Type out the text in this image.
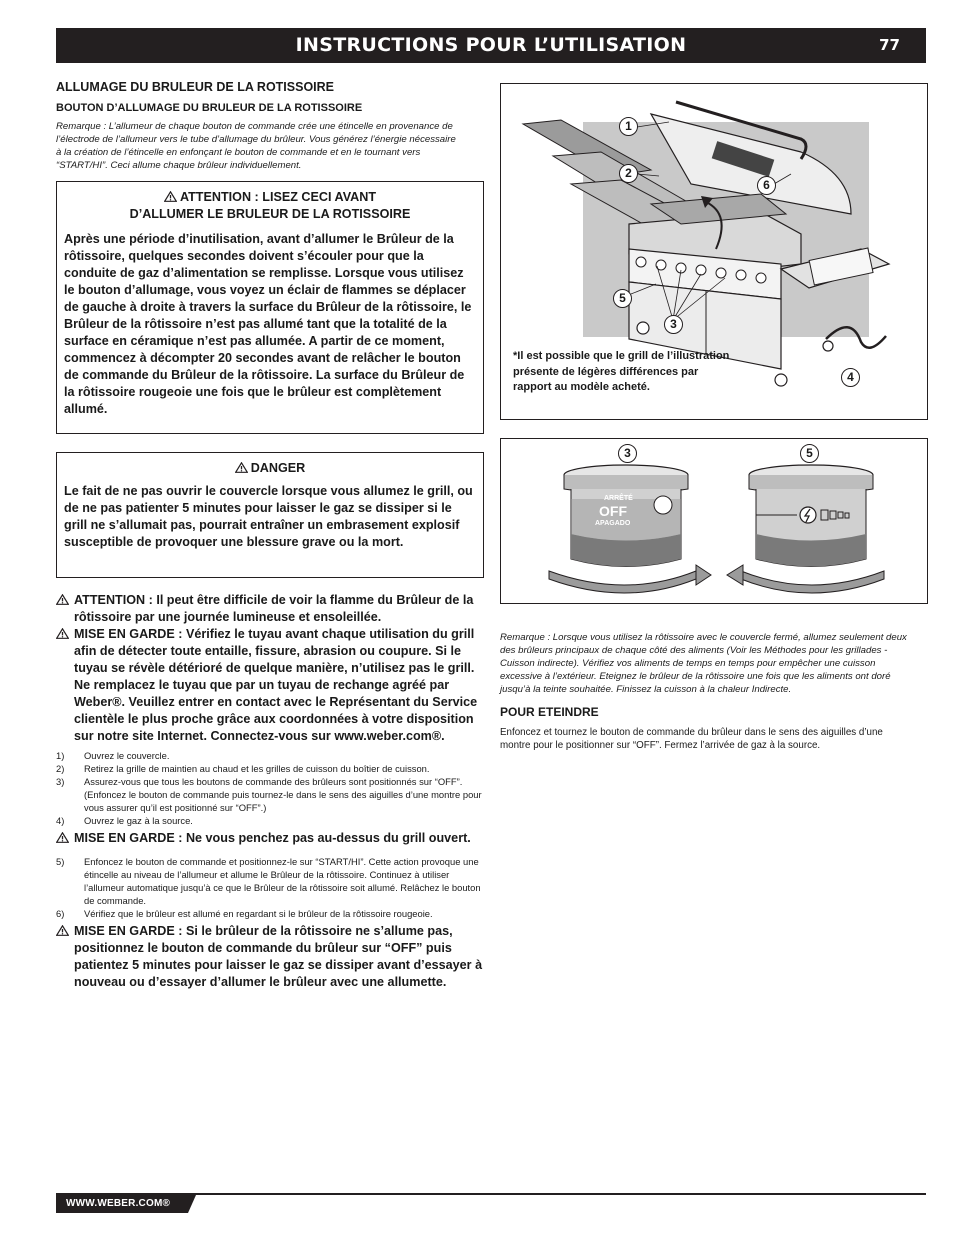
INSTRUCTIONS POUR L’UTILISATION	77
ALLUMAGE DU BRULEUR DE LA ROTISSOIRE
BOUTON D’ALLUMAGE DU BRULEUR DE LA ROTISSOIRE
Remarque : L’allumeur de chaque bouton de commande crée une étincelle en provenance de l’électrode de l’allumeur vers le tube d’allumage du brûleur. Vous générez l’énergie nécessaire à la création de l’étincelle en enfonçant le bouton de commande et en le tournant vers “START/HI”. Ceci allume chaque brûleur individuellement.
ATTENTION : LISEZ CECI AVANT
D’ALLUMER LE BRULEUR DE LA ROTISSOIRE
Après une période d’inutilisation, avant d’allumer le Brûleur de la rôtissoire, quelques secondes doivent s’écouler pour que la conduite de gaz d’alimentation se remplisse. Lorsque vous utilisez le bouton d’allumage, vous voyez un éclair de flammes se déplacer de gauche à droite à travers la surface du Brûleur de la rôtissoire, le Brûleur de la rôtissoire n’est pas allumé tant que la totalité de la surface en céramique n’est pas allumée. A partir de ce moment, commencez à décompter 20 secondes avant de relâcher le bouton de commande du Brûleur de la rôtissoire. La surface du Brûleur de la rôtissoire rougeoie une fois que le brûleur est complètement allumé.
DANGER
Le fait de ne pas ouvrir le couvercle lorsque vous allumez le grill, ou de ne pas patienter 5 minutes pour laisser le gaz se dissiper si le grill ne s’allumait pas, pourrait entraîner un embrasement explosif susceptible de provoquer une blessure grave ou la mort.
ATTENTION : Il peut être difficile de voir la flamme du Brûleur de la rôtissoire par une journée lumineuse et ensoleillée.
MISE EN GARDE : Vérifiez le tuyau avant chaque utilisation du grill afin de détecter toute entaille, fissure, abrasion ou coupure. Si le tuyau se révèle détérioré de quelque manière, n’utilisez pas le grill. Ne remplacez le tuyau que par un tuyau de rechange agréé par Weber®. Veuillez entrer en contact avec le Représentant du Service clientèle le plus proche grâce aux coordonnées à votre disposition sur notre site Internet. Connectez-vous sur www.weber.com®.
1) Ouvrez le couvercle.
2) Retirez la grille de maintien au chaud et les grilles de cuisson du boîtier de cuisson.
3) Assurez-vous que tous les boutons de commande des brûleurs sont positionnés sur “OFF”. (Enfoncez le bouton de commande puis tournez-le dans le sens des aiguilles d’une montre pour vous assurer qu’il est positionné sur “OFF”.)
4) Ouvrez le gaz à la source.
MISE EN GARDE : Ne vous penchez pas au-dessus du grill ouvert.
5) Enfoncez le bouton de commande et positionnez-le sur “START/HI”. Cette action provoque une étincelle au niveau de l’allumeur et allume le Brûleur de la rôtissoire. Continuez à utiliser l’allumeur automatique jusqu’à ce que le Brûleur de la rôtissoire soit allumé. Relâchez le bouton de commande.
6) Vérifiez que le brûleur est allumé en regardant si le brûleur de la rôtissoire rougeoie.
MISE EN GARDE : Si le brûleur de la rôtissoire ne s’allume pas, positionnez le bouton de commande du brûleur sur “OFF” puis patientez 5 minutes pour laisser le gaz se dissiper avant d’essayer à nouveau ou d’essayer d’allumer le brûleur avec une allumette.
1
2
6
5
3
4
*Il est possible que le grill de l’illustration présente de légères différences par rapport au modèle acheté.
ARRÊTÉ
OFF
APAGADO
3	5
Remarque : Lorsque vous utilisez la rôtissoire avec le couvercle fermé, allumez seulement deux des brûleurs principaux de chaque côté des aliments (Voir les Méthodes pour les grillades - Cuisson indirecte). Vérifiez vos aliments de temps en temps pour empêcher une cuisson excessive à l’extérieur. Eteignez le brûleur de la rôtissoire une fois que les aliments ont doré jusqu’à la teinte souhaitée. Finissez la cuisson à la chaleur Indirecte.
POUR ETEINDRE
Enfoncez et tournez le bouton de commande du brûleur dans le sens des aiguilles d’une montre pour le positionner sur “OFF”. Fermez l’arrivée de gaz à la source.
WWW.WEBER.COM®
